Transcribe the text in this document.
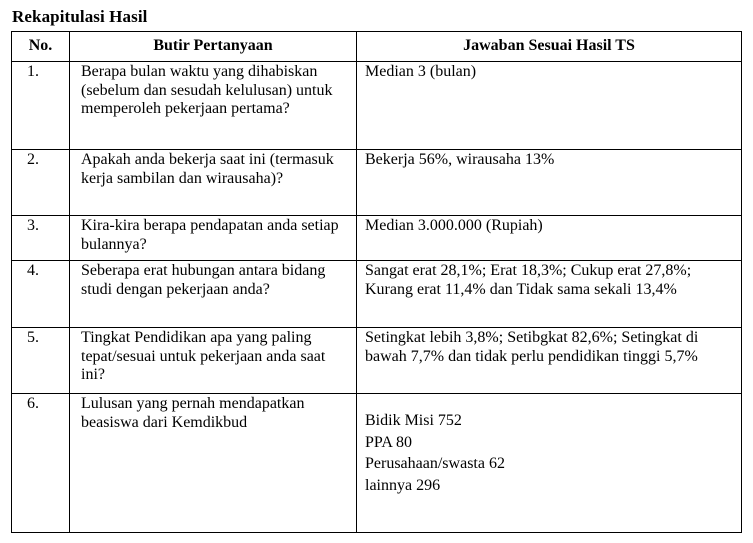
Rekapitulasi Hasil
No.	Butir Pertanyaan	Jawaban Sesuai Hasil TS
1.	Berapa bulan waktu yang dihabiskan (sebelum dan sesudah kelulusan) untuk memperoleh pekerjaan pertama?	Median 3 (bulan)
2.	Apakah anda bekerja saat ini (termasuk kerja sambilan dan wirausaha)?	Bekerja 56%, wirausaha 13%
3.	Kira-kira berapa pendapatan anda setiap bulannya?	Median 3.000.000 (Rupiah)
4.	Seberapa erat hubungan antara bidang studi dengan pekerjaan anda?	Sangat erat 28,1%; Erat 18,3%; Cukup erat 27,8%; Kurang erat 11,4% dan Tidak sama sekali 13,4%
5.	Tingkat Pendidikan apa yang paling tepat/sesuai untuk pekerjaan anda saat ini?	Setingkat lebih 3,8%; Setibgkat 82,6%; Setingkat di bawah 7,7% dan tidak perlu pendidikan tinggi 5,7%
6.	Lulusan yang pernah mendapatkan beasiswa dari Kemdikbud	Bidik Misi 752
PPA 80
Perusahaan/swasta 62
lainnya 296
